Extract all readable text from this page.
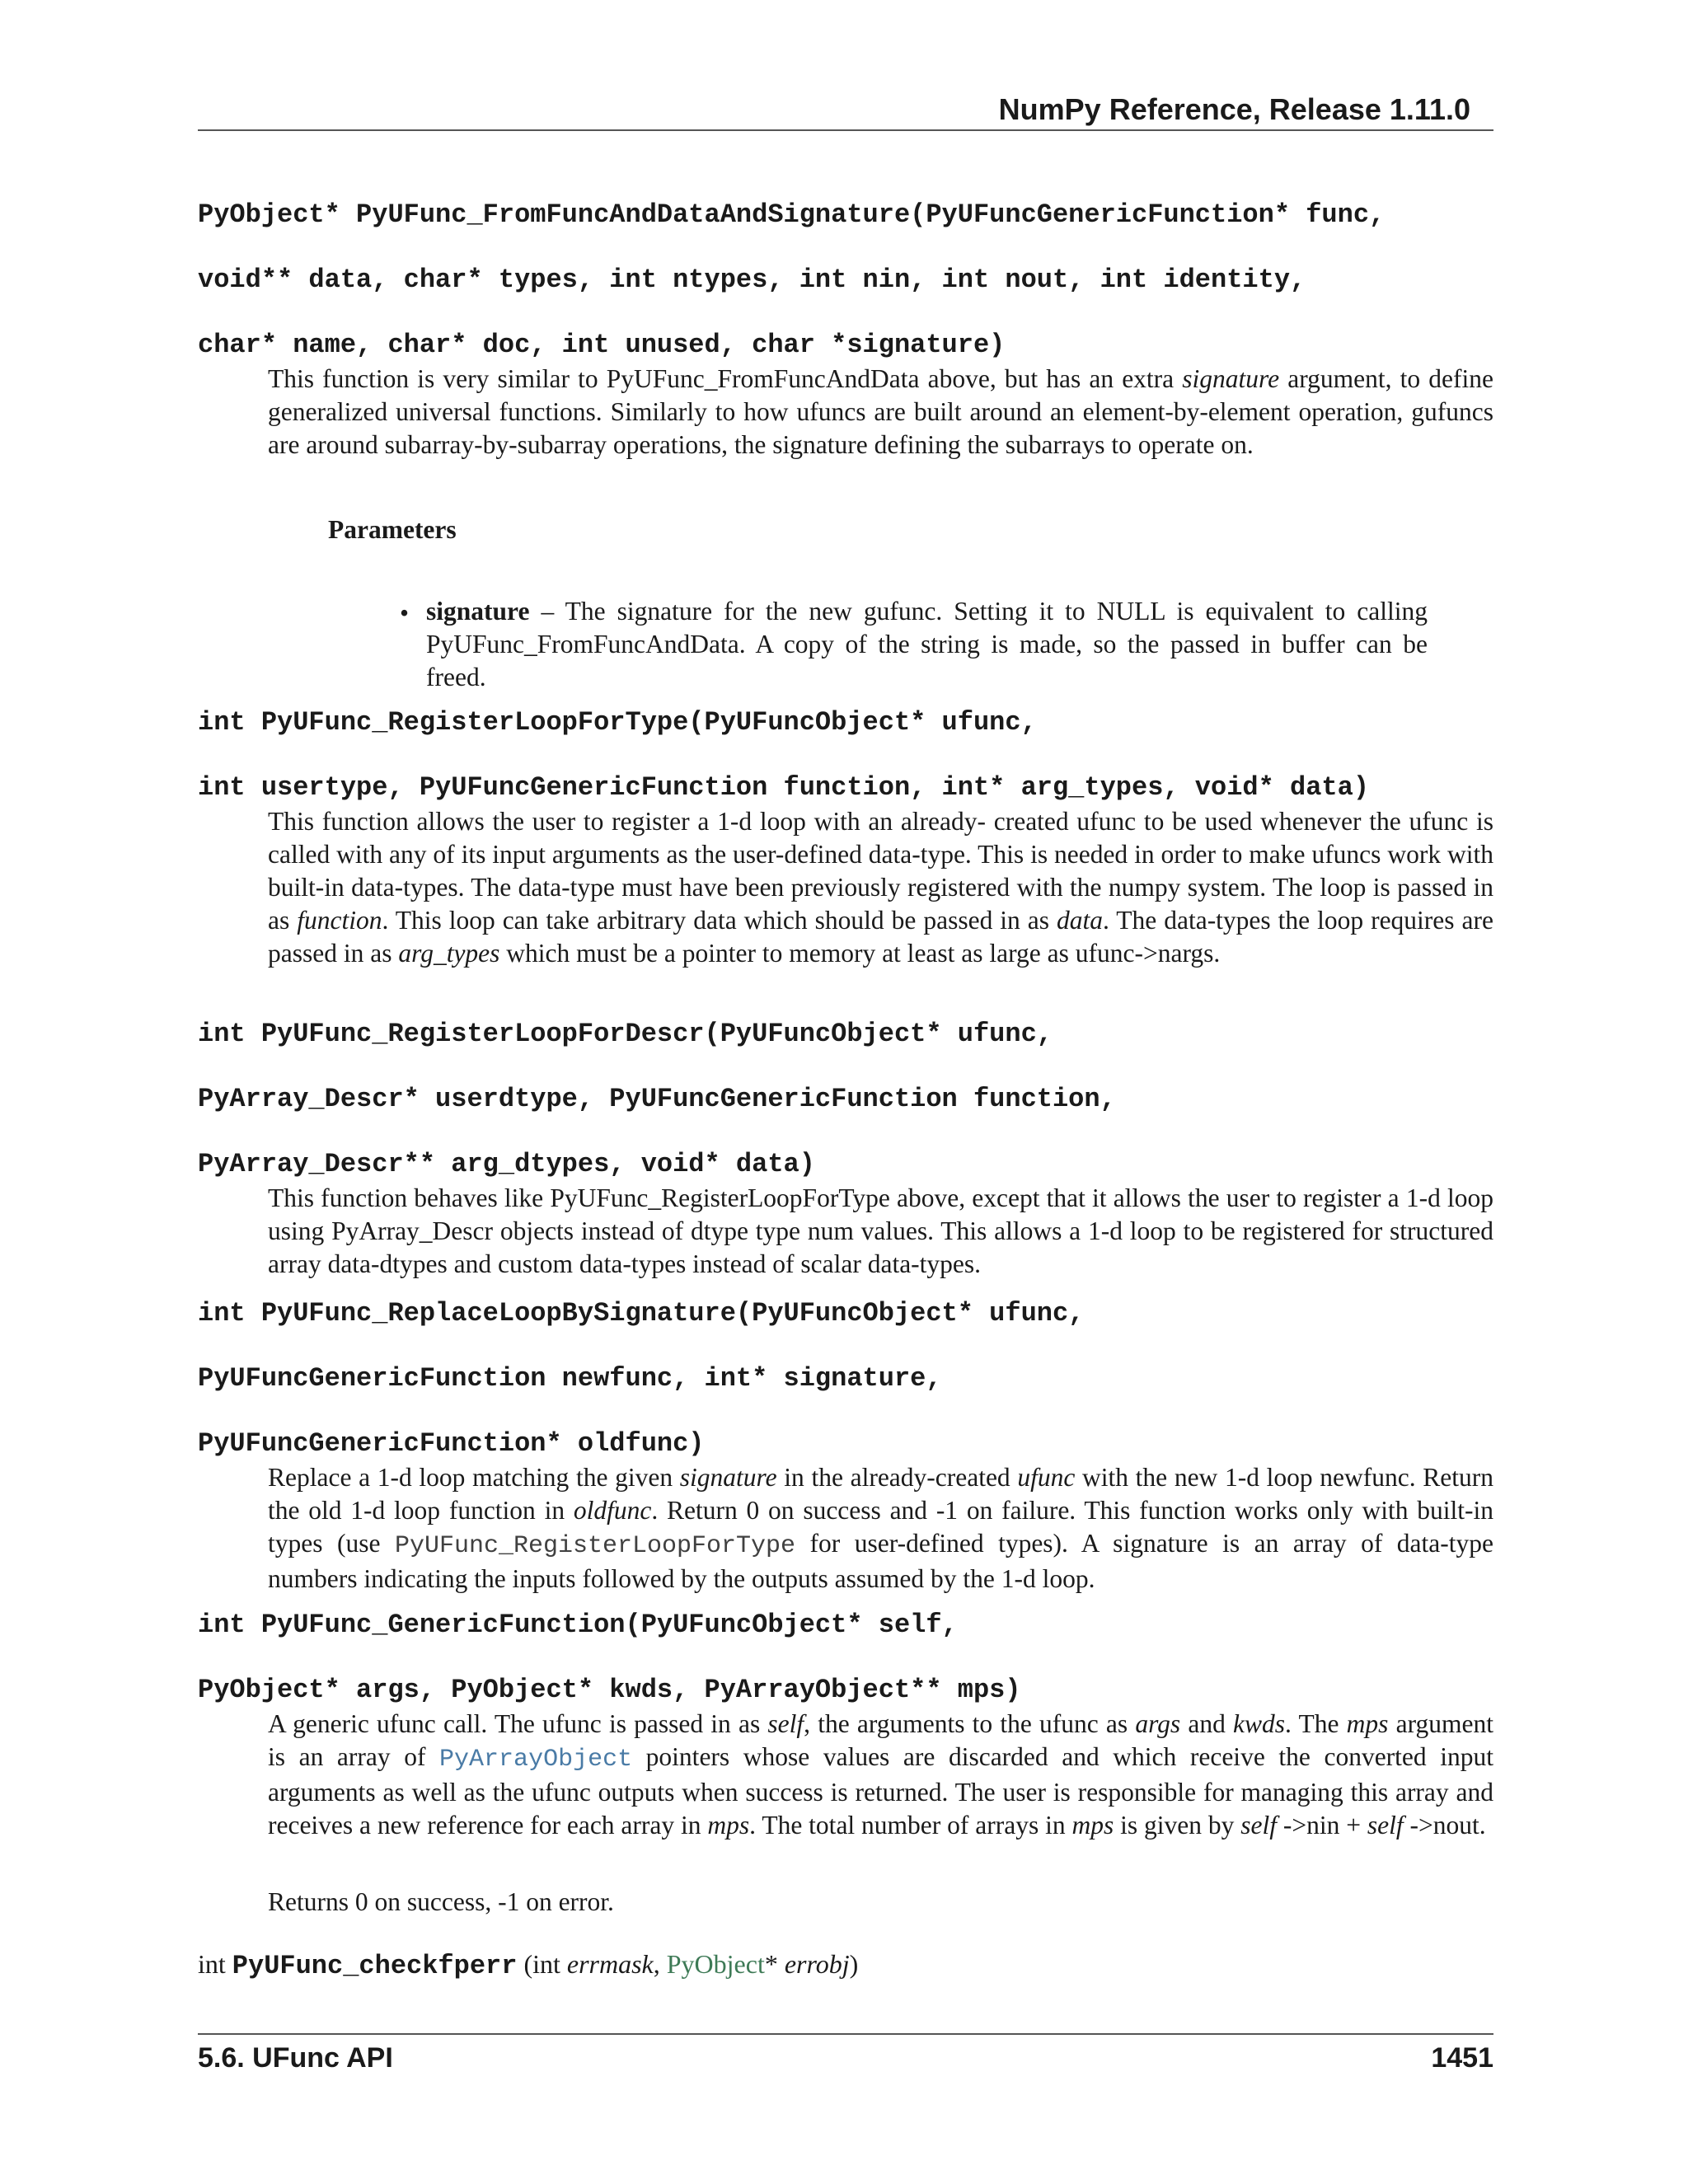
NumPy Reference, Release 1.11.0
PyObject* PyUFunc_FromFuncAndDataAndSignature(PyUFuncGenericFunction* func,
void** data, char* types, int ntypes, int nin, int nout, int identity,
char* name, char* doc, int unused, char *signature)
This function is very similar to PyUFunc_FromFuncAndData above, but has an extra signature argument, to define generalized universal functions. Similarly to how ufuncs are built around an element-by-element operation, gufuncs are around subarray-by-subarray operations, the signature defining the subarrays to operate on.
Parameters
• signature – The signature for the new gufunc. Setting it to NULL is equivalent to calling PyUFunc_FromFuncAndData. A copy of the string is made, so the passed in buffer can be freed.
int PyUFunc_RegisterLoopForType(PyUFuncObject* ufunc,
int usertype, PyUFuncGenericFunction function, int* arg_types, void* data)
This function allows the user to register a 1-d loop with an already- created ufunc to be used whenever the ufunc is called with any of its input arguments as the user-defined data-type. This is needed in order to make ufuncs work with built-in data-types. The data-type must have been previously registered with the numpy system. The loop is passed in as function. This loop can take arbitrary data which should be passed in as data. The data-types the loop requires are passed in as arg_types which must be a pointer to memory at least as large as ufunc->nargs.
int PyUFunc_RegisterLoopForDescr(PyUFuncObject* ufunc,
PyArray_Descr* userdtype, PyUFuncGenericFunction function,
PyArray_Descr** arg_dtypes, void* data)
This function behaves like PyUFunc_RegisterLoopForType above, except that it allows the user to register a 1-d loop using PyArray_Descr objects instead of dtype type num values. This allows a 1-d loop to be registered for structured array data-dtypes and custom data-types instead of scalar data-types.
int PyUFunc_ReplaceLoopBySignature(PyUFuncObject* ufunc,
PyUFuncGenericFunction newfunc, int* signature,
PyUFuncGenericFunction* oldfunc)
Replace a 1-d loop matching the given signature in the already-created ufunc with the new 1-d loop newfunc. Return the old 1-d loop function in oldfunc. Return 0 on success and -1 on failure. This function works only with built-in types (use PyUFunc_RegisterLoopForType for user-defined types). A signature is an array of data-type numbers indicating the inputs followed by the outputs assumed by the 1-d loop.
int PyUFunc_GenericFunction(PyUFuncObject* self,
PyObject* args, PyObject* kwds, PyArrayObject** mps)
A generic ufunc call. The ufunc is passed in as self, the arguments to the ufunc as args and kwds. The mps argument is an array of PyArrayObject pointers whose values are discarded and which receive the converted input arguments as well as the ufunc outputs when success is returned. The user is responsible for managing this array and receives a new reference for each array in mps. The total number of arrays in mps is given by self ->nin + self ->nout.
Returns 0 on success, -1 on error.
int PyUFunc_checkfperr (int errmask, PyObject* errobj)
5.6. UFunc API	1451
